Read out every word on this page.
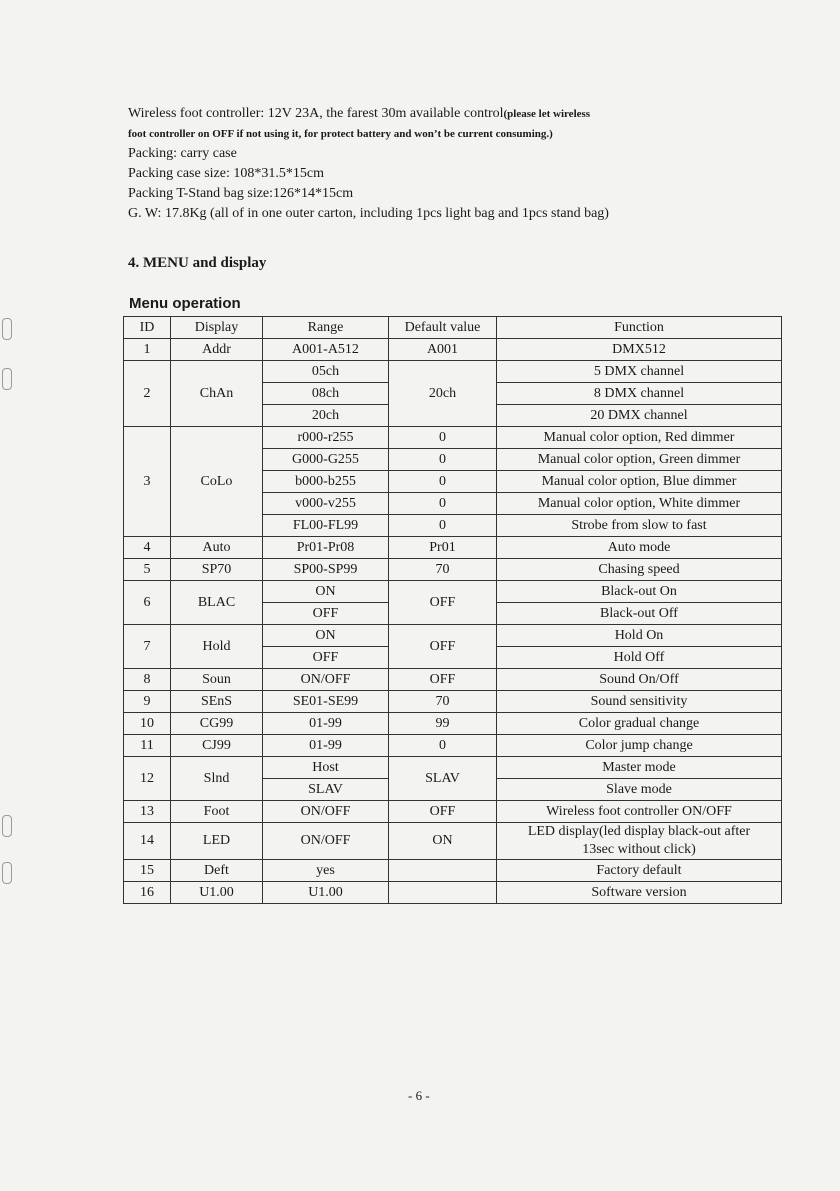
Wireless foot controller: 12V 23A, the farest 30m available control(please let wireless

foot controller on OFF if not using it, for protect battery and won’t be current consuming.)

Packing: carry case

Packing case size: 108*31.5*15cm

Packing T-Stand bag size:126*14*15cm

G. W: 17.8Kg (all of in one outer carton, including 1pcs light bag and 1pcs stand bag)

4. MENU and display
Menu operation
ID	Display	Range	Default value	Function
1	Addr	A001-A512	A001	DMX512
2	ChAn	05ch	20ch	5 DMX channel
		08ch		8 DMX channel
		20ch		20 DMX channel
3	CoLo	r000-r255	0	Manual color option, Red dimmer
		G000-G255	0	Manual color option, Green dimmer
		b000-b255	0	Manual color option, Blue dimmer
		v000-v255	0	Manual color option, White dimmer
		FL00-FL99	0	Strobe from slow to fast
4	Auto	Pr01-Pr08	Pr01	Auto mode
5	SP70	SP00-SP99	70	Chasing speed
6	BLAC	ON	OFF	Black-out On
		OFF		Black-out Off
7	Hold	ON	OFF	Hold On
		OFF		Hold Off
8	Soun	ON/OFF	OFF	Sound On/Off
9	SEnS	SE01-SE99	70	Sound sensitivity
10	CG99	01-99	99	Color gradual change
11	CJ99	01-99	0	Color jump change
12	Slnd	Host	SLAV	Master mode
		SLAV		Slave mode
13	Foot	ON/OFF	OFF	Wireless foot controller ON/OFF
14	LED	ON/OFF	ON	LED display(led display black-out after
13sec without click)
15	Deft	yes		Factory default
16	U1.00	U1.00		Software version
- 6 -
